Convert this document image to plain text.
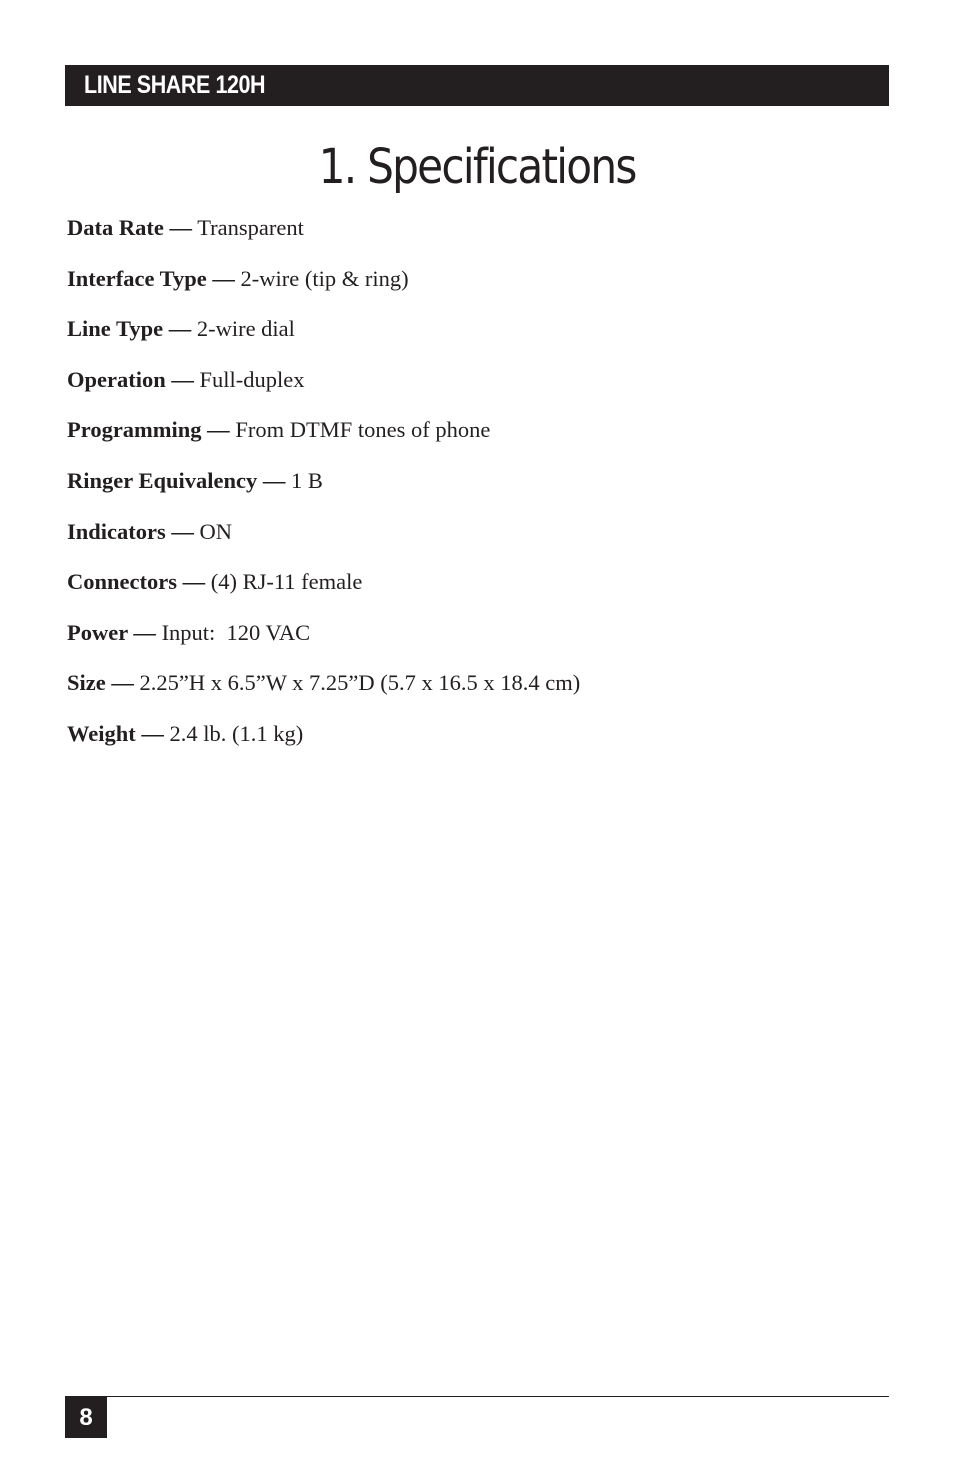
LINE SHARE 120H
1. Specifications
Data Rate — Transparent
Interface Type — 2-wire (tip & ring)
Line Type — 2-wire dial
Operation — Full-duplex
Programming — From DTMF tones of phone
Ringer Equivalency — 1 B
Indicators — ON
Connectors — (4) RJ-11 female
Power — Input:  120 VAC
Size — 2.25”H x 6.5”W x 7.25”D (5.7 x 16.5 x 18.4 cm)
Weight — 2.4 lb. (1.1 kg)
8
